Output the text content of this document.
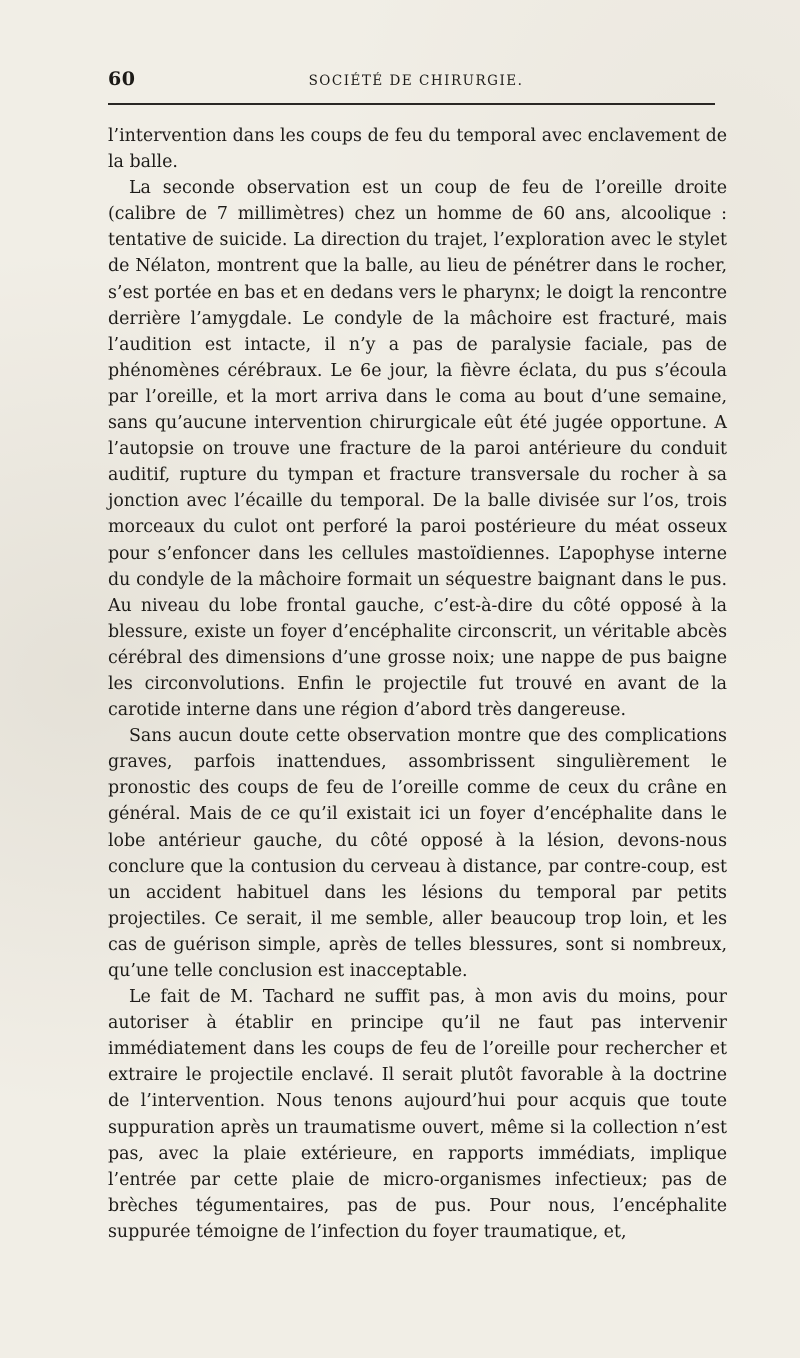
60	SOCIÉTÉ DE CHIRURGIE.

l’intervention dans les coups de feu du temporal avec enclavement de la balle.

La seconde observation est un coup de feu de l’oreille droite (calibre de 7 millimètres) chez un homme de 60 ans, alcoolique : tentative de suicide. La direction du trajet, l’exploration avec le stylet de Nélaton, montrent que la balle, au lieu de pénétrer dans le rocher, s’est portée en bas et en dedans vers le pharynx; le doigt la rencontre derrière l’amygdale. Le condyle de la mâchoire est fracturé, mais l’audition est intacte, il n’y a pas de paralysie faciale, pas de phénomènes cérébraux. Le 6e jour, la fièvre éclata, du pus s’écoula par l’oreille, et la mort arriva dans le coma au bout d’une semaine, sans qu’aucune intervention chirurgicale eût été jugée opportune. A l’autopsie on trouve une fracture de la paroi antérieure du conduit auditif, rupture du tympan et fracture transversale du rocher à sa jonction avec l’écaille du temporal. De la balle divisée sur l’os, trois morceaux du culot ont perforé la paroi postérieure du méat osseux pour s’enfoncer dans les cellules mastoïdiennes. L’apophyse interne du condyle de la mâchoire formait un séquestre baignant dans le pus. Au niveau du lobe frontal gauche, c’est-à-dire du côté opposé à la blessure, existe un foyer d’encéphalite circonscrit, un véritable abcès cérébral des dimensions d’une grosse noix; une nappe de pus baigne les circonvolutions. Enfin le projectile fut trouvé en avant de la carotide interne dans une région d’abord très dangereuse.

Sans aucun doute cette observation montre que des complications graves, parfois inattendues, assombrissent singulièrement le pronostic des coups de feu de l’oreille comme de ceux du crâne en général. Mais de ce qu’il existait ici un foyer d’encéphalite dans le lobe antérieur gauche, du côté opposé à la lésion, devons-nous conclure que la contusion du cerveau à distance, par contre-coup, est un accident habituel dans les lésions du temporal par petits projectiles. Ce serait, il me semble, aller beaucoup trop loin, et les cas de guérison simple, après de telles blessures, sont si nombreux, qu’une telle conclusion est inacceptable.

Le fait de M. Tachard ne suffit pas, à mon avis du moins, pour autoriser à établir en principe qu’il ne faut pas intervenir immédiatement dans les coups de feu de l’oreille pour rechercher et extraire le projectile enclavé. Il serait plutôt favorable à la doctrine de l’intervention. Nous tenons aujourd’hui pour acquis que toute suppuration après un traumatisme ouvert, même si la collection n’est pas, avec la plaie extérieure, en rapports immédiats, implique l’entrée par cette plaie de micro-organismes infectieux; pas de brèches tégumentaires, pas de pus. Pour nous, l’encéphalite suppurée témoigne de l’infection du foyer traumatique, et,
